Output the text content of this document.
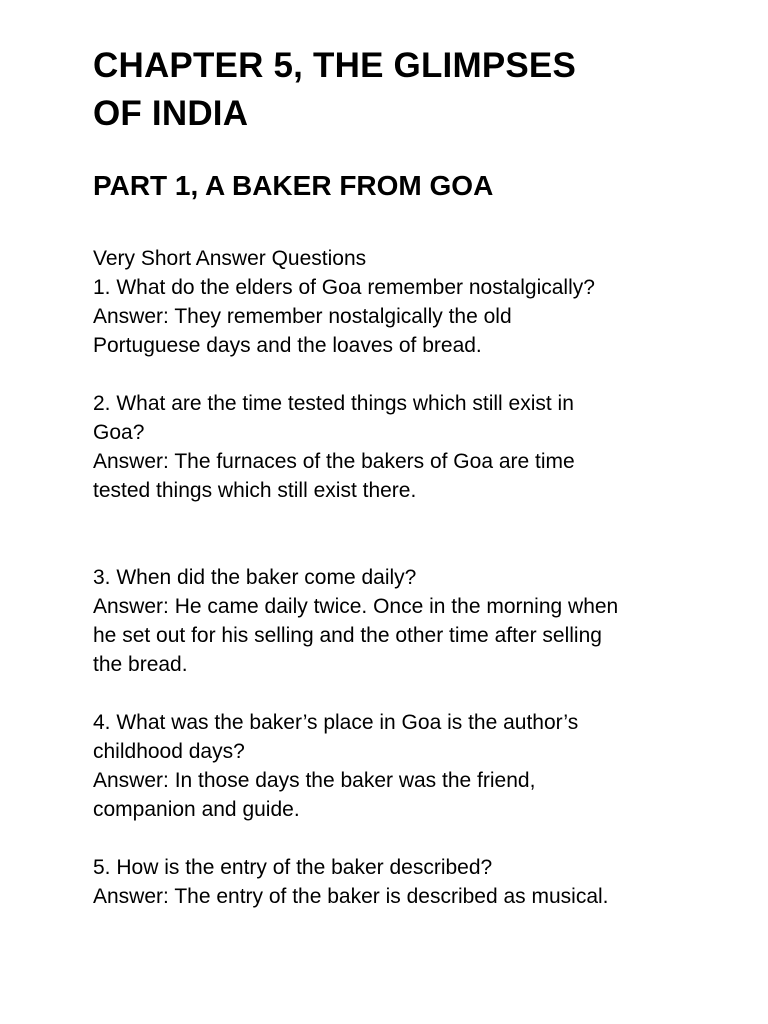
CHAPTER 5, THE GLIMPSES
OF INDIA
PART 1, A BAKER FROM GOA
Very Short Answer Questions
1. What do the elders of Goa remember nostalgically?
Answer: They remember nostalgically the old
Portuguese days and the loaves of bread.
2. What are the time tested things which still exist in
Goa?
Answer: The furnaces of the bakers of Goa are time
tested things which still exist there.
3. When did the baker come daily?
Answer: He came daily twice. Once in the morning when
he set out for his selling and the other time after selling
the bread.
4. What was the baker’s place in Goa is the author’s
childhood days?
Answer: In those days the baker was the friend,
companion and guide.
5. How is the entry of the baker described?
Answer: The entry of the baker is described as musical.
